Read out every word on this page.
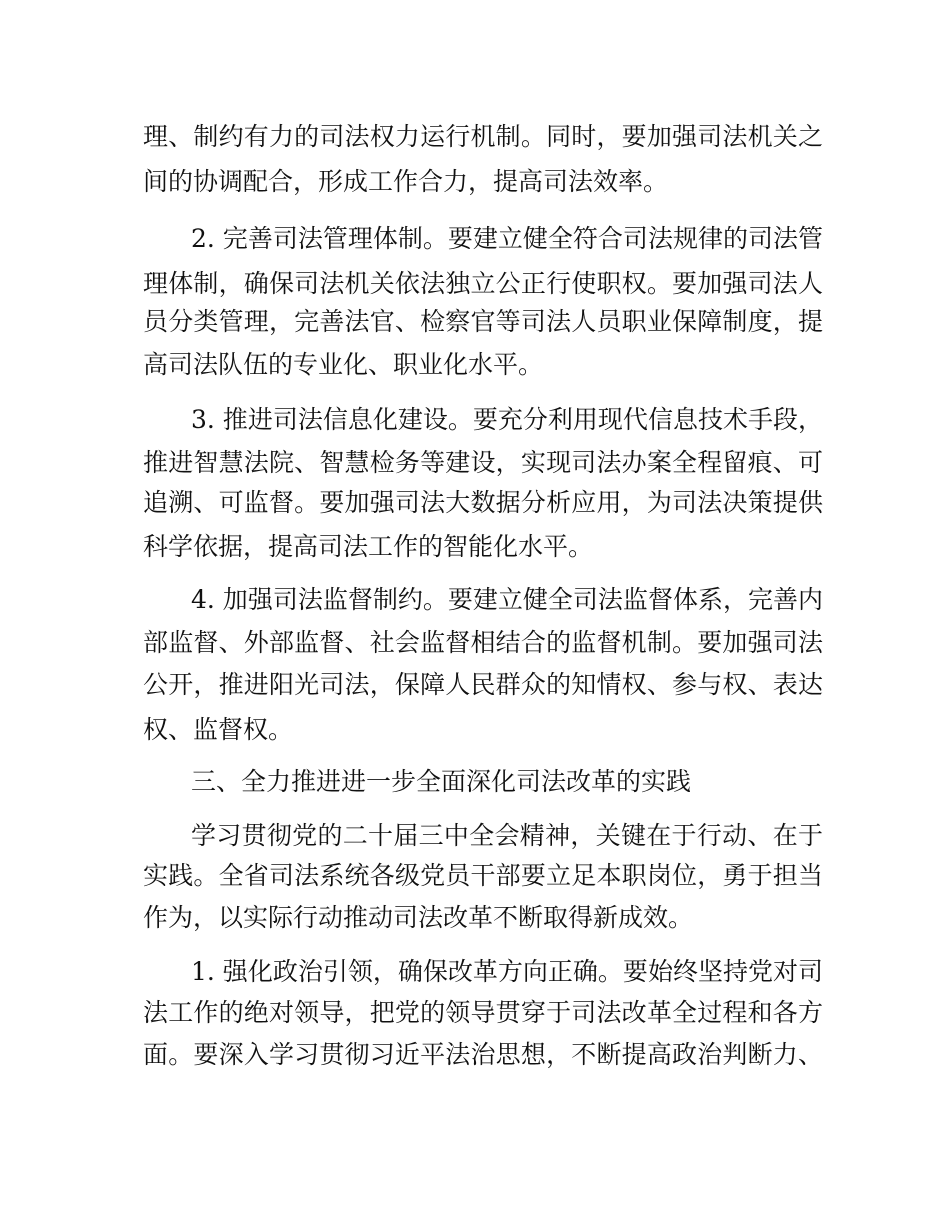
理、制约有力的司法权力运行机制。同时，要加强司法机关之
间的协调配合，形成工作合力，提高司法效率。
2. 完善司法管理体制。要建立健全符合司法规律的司法管
理体制，确保司法机关依法独立公正行使职权。要加强司法人
员分类管理，完善法官、检察官等司法人员职业保障制度，提
高司法队伍的专业化、职业化水平。
3. 推进司法信息化建设。要充分利用现代信息技术手段，
推进智慧法院、智慧检务等建设，实现司法办案全程留痕、可
追溯、可监督。要加强司法大数据分析应用，为司法决策提供
科学依据，提高司法工作的智能化水平。
4. 加强司法监督制约。要建立健全司法监督体系，完善内
部监督、外部监督、社会监督相结合的监督机制。要加强司法
公开，推进阳光司法，保障人民群众的知情权、参与权、表达
权、监督权。
三、全力推进进一步全面深化司法改革的实践
学习贯彻党的二十届三中全会精神，关键在于行动、在于
实践。全省司法系统各级党员干部要立足本职岗位，勇于担当
作为，以实际行动推动司法改革不断取得新成效。
1. 强化政治引领，确保改革方向正确。要始终坚持党对司
法工作的绝对领导，把党的领导贯穿于司法改革全过程和各方
面。要深入学习贯彻习近平法治思想，不断提高政治判断力、
